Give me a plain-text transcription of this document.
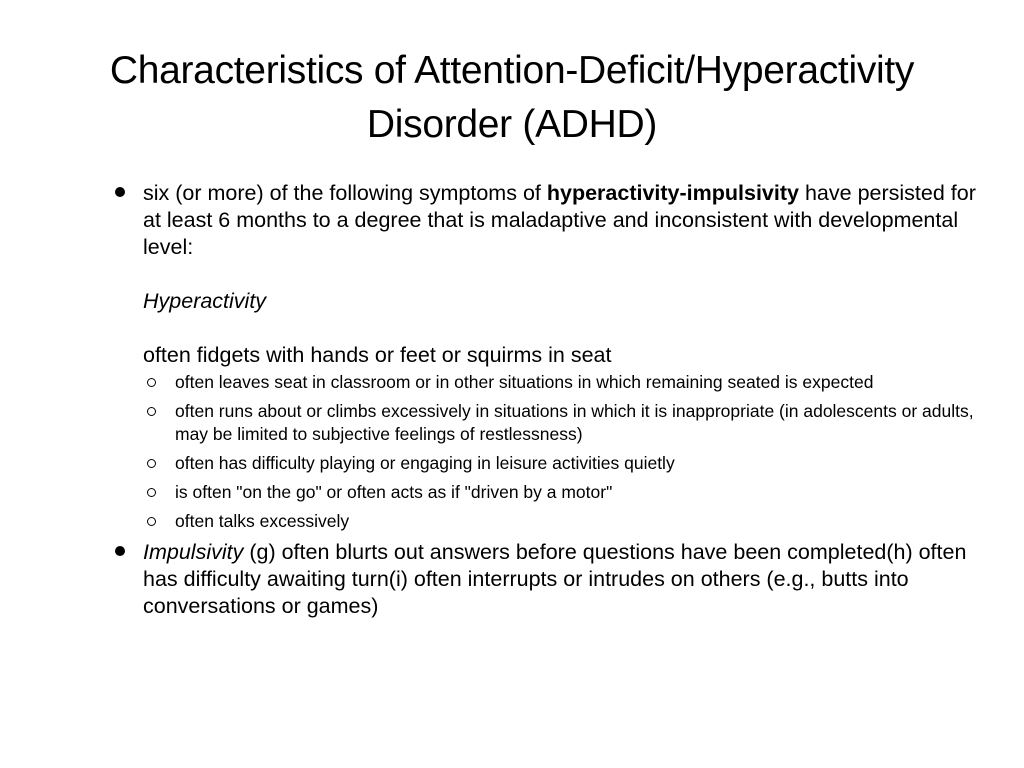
Characteristics of Attention-Deficit/Hyperactivity
Disorder (ADHD)
six (or more) of the following symptoms of hyperactivity-impulsivity have persisted for at least 6 months to a degree that is maladaptive and inconsistent with developmental level:
Hyperactivity
often fidgets with hands or feet or squirms in seat
often leaves seat in classroom or in other situations in which remaining seated is expected
often runs about or climbs excessively in situations in which it is inappropriate (in adolescents or adults, may be limited to subjective feelings of restlessness)
often has difficulty playing or engaging in leisure activities quietly
is often "on the go" or often acts as if "driven by a motor"
often talks excessively
Impulsivity (g) often blurts out answers before questions have been completed(h) often has difficulty awaiting turn(i) often interrupts or intrudes on others (e.g., butts into conversations or games)
